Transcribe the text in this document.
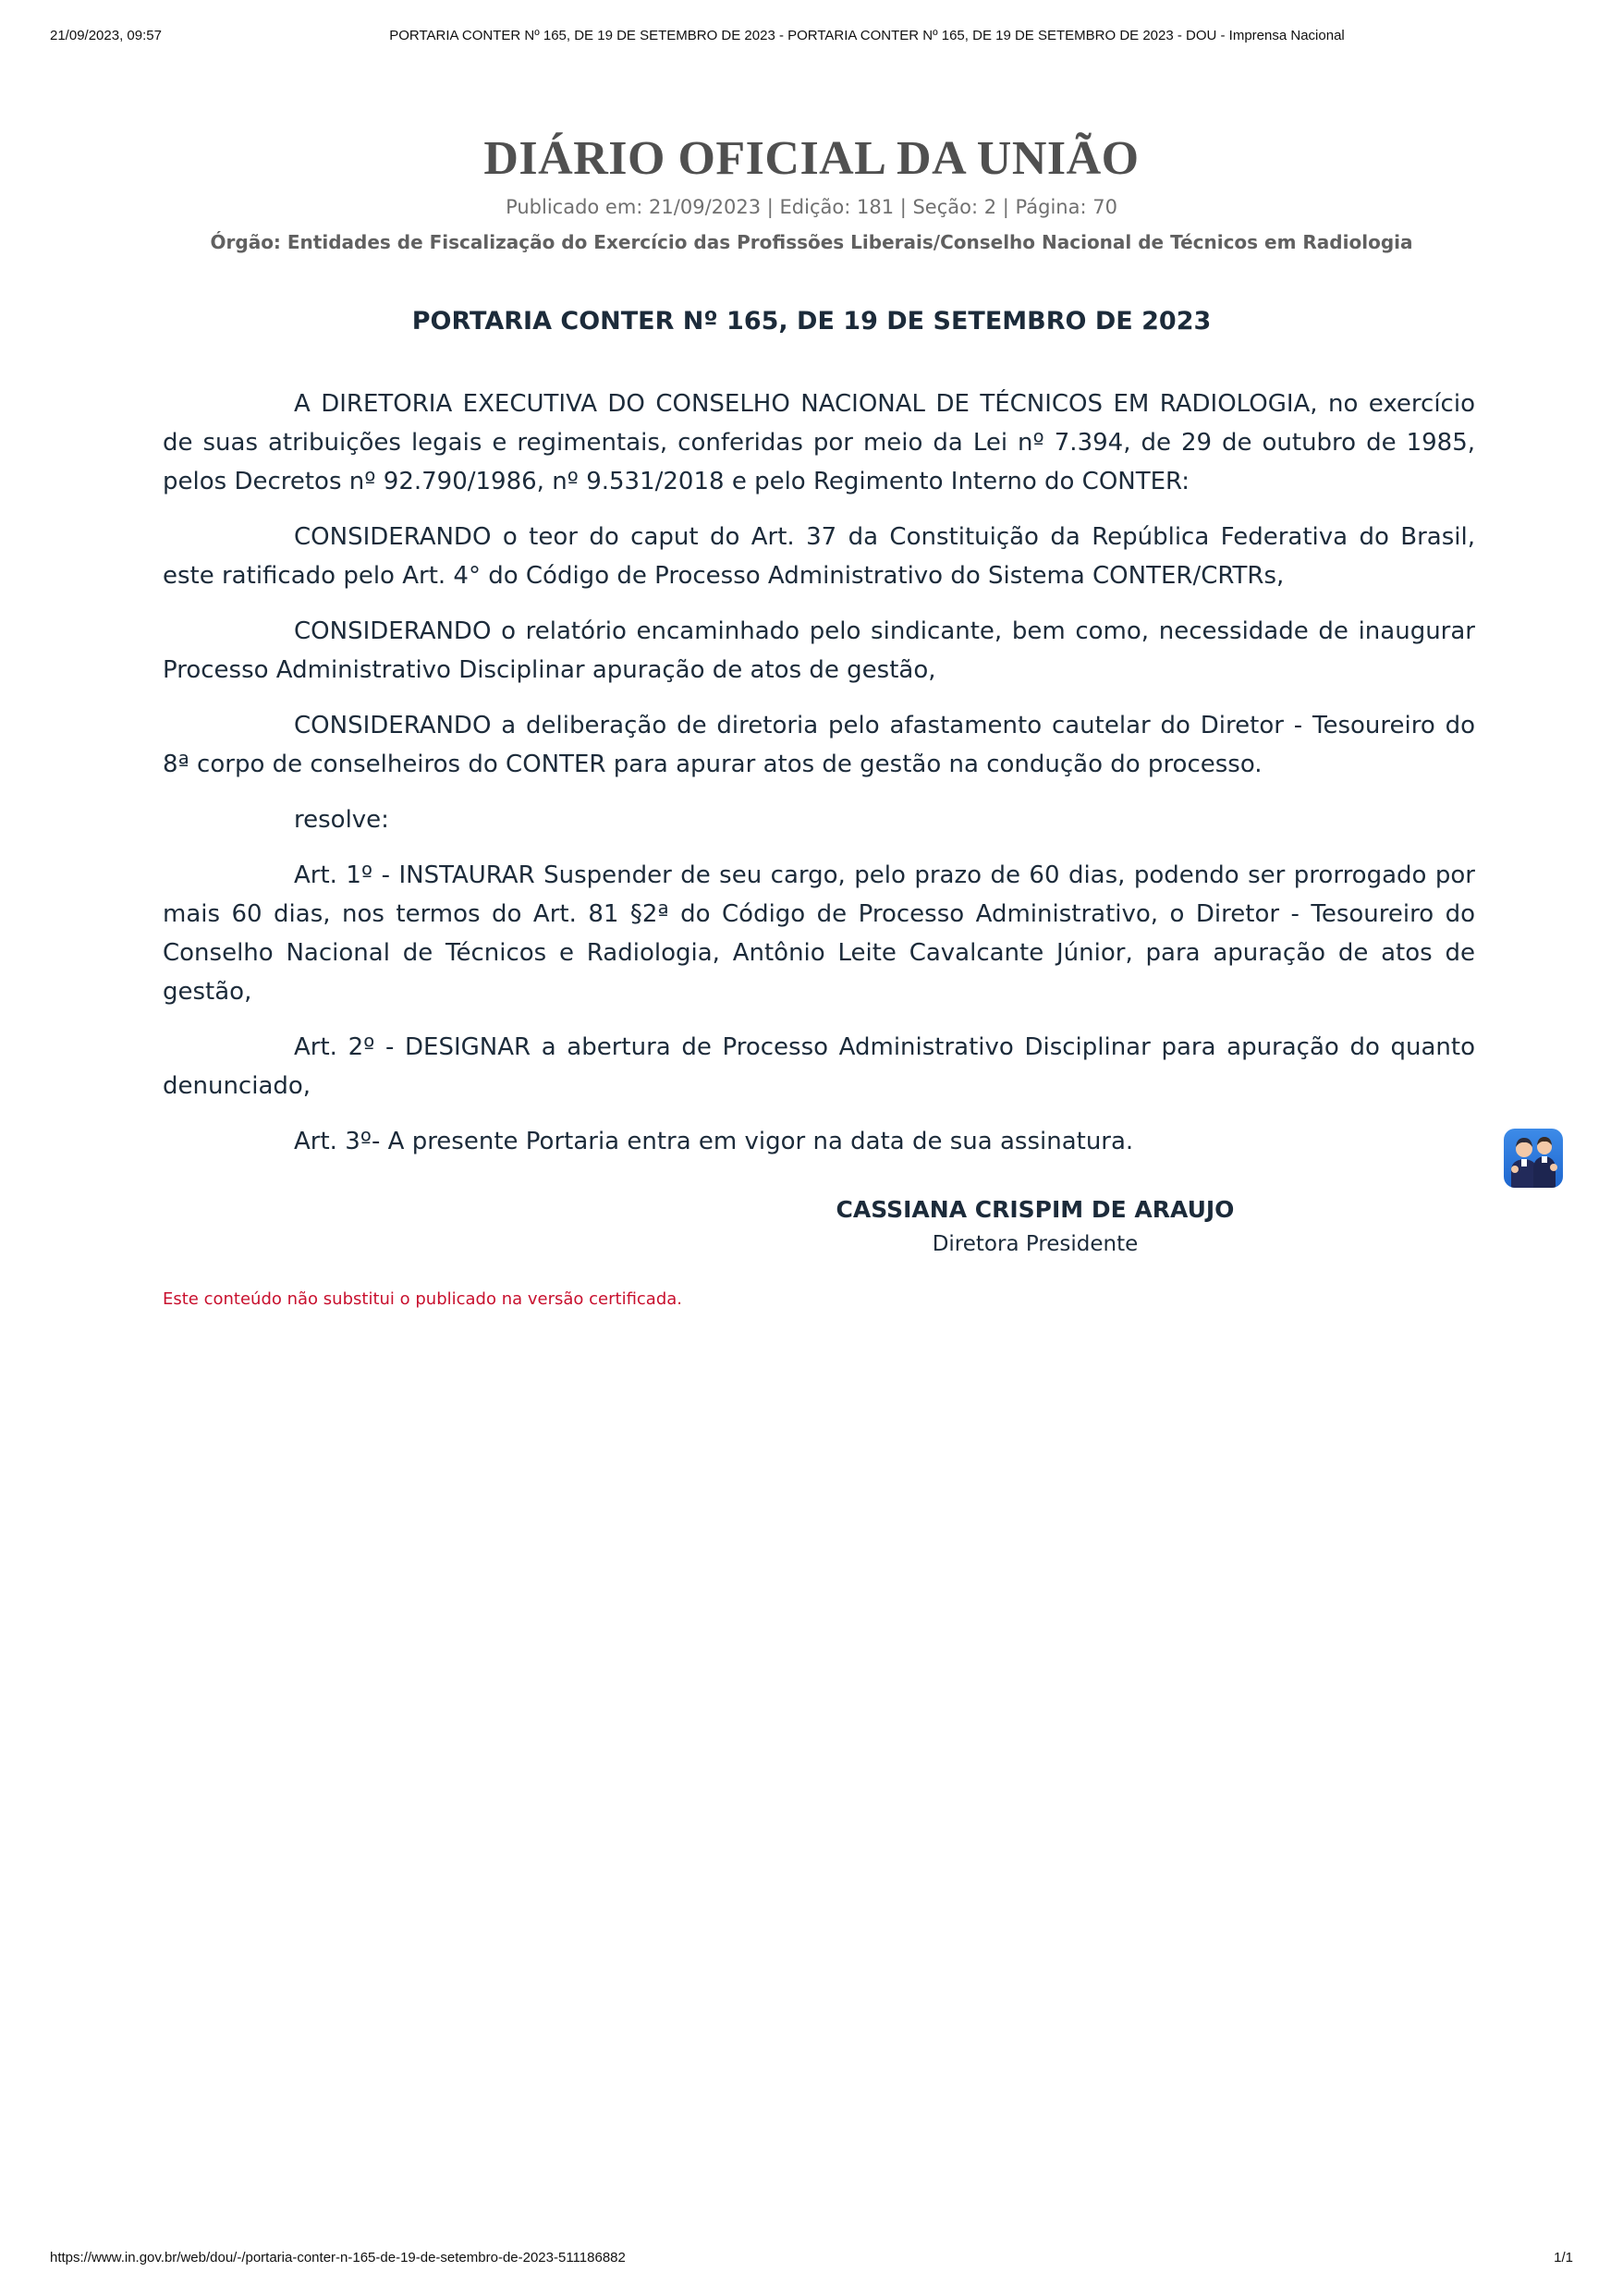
21/09/2023, 09:57	PORTARIA CONTER Nº 165, DE 19 DE SETEMBRO DE 2023 - PORTARIA CONTER Nº 165, DE 19 DE SETEMBRO DE 2023 - DOU - Imprensa Nacional
DIÁRIO OFICIAL DA UNIÃO
Publicado em: 21/09/2023 | Edição: 181 | Seção: 2 | Página: 70
Órgão: Entidades de Fiscalização do Exercício das Profissões Liberais/Conselho Nacional de Técnicos em Radiologia
PORTARIA CONTER Nº 165, DE 19 DE SETEMBRO DE 2023

A DIRETORIA EXECUTIVA DO CONSELHO NACIONAL DE TÉCNICOS EM RADIOLOGIA, no exercício de suas atribuições legais e regimentais, conferidas por meio da Lei nº 7.394, de 29 de outubro de 1985, pelos Decretos nº 92.790/1986, nº 9.531/2018 e pelo Regimento Interno do CONTER:

CONSIDERANDO o teor do caput do Art. 37 da Constituição da República Federativa do Brasil, este ratificado pelo Art. 4° do Código de Processo Administrativo do Sistema CONTER/CRTRs,

CONSIDERANDO o relatório encaminhado pelo sindicante, bem como, necessidade de inaugurar Processo Administrativo Disciplinar apuração de atos de gestão,

CONSIDERANDO a deliberação de diretoria pelo afastamento cautelar do Diretor - Tesoureiro do 8ª corpo de conselheiros do CONTER para apurar atos de gestão na condução do processo.

resolve:

Art. 1º - INSTAURAR Suspender de seu cargo, pelo prazo de 60 dias, podendo ser prorrogado por mais 60 dias, nos termos do Art. 81 §2ª do Código de Processo Administrativo, o Diretor - Tesoureiro do Conselho Nacional de Técnicos e Radiologia, Antônio Leite Cavalcante Júnior, para apuração de atos de gestão,

Art. 2º - DESIGNAR a abertura de Processo Administrativo Disciplinar para apuração do quanto denunciado,

Art. 3º- A presente Portaria entra em vigor na data de sua assinatura.

CASSIANA CRISPIM DE ARAUJO
Diretora Presidente
Este conteúdo não substitui o publicado na versão certificada.
https://www.in.gov.br/web/dou/-/portaria-conter-n-165-de-19-de-setembro-de-2023-511186882	1/1
